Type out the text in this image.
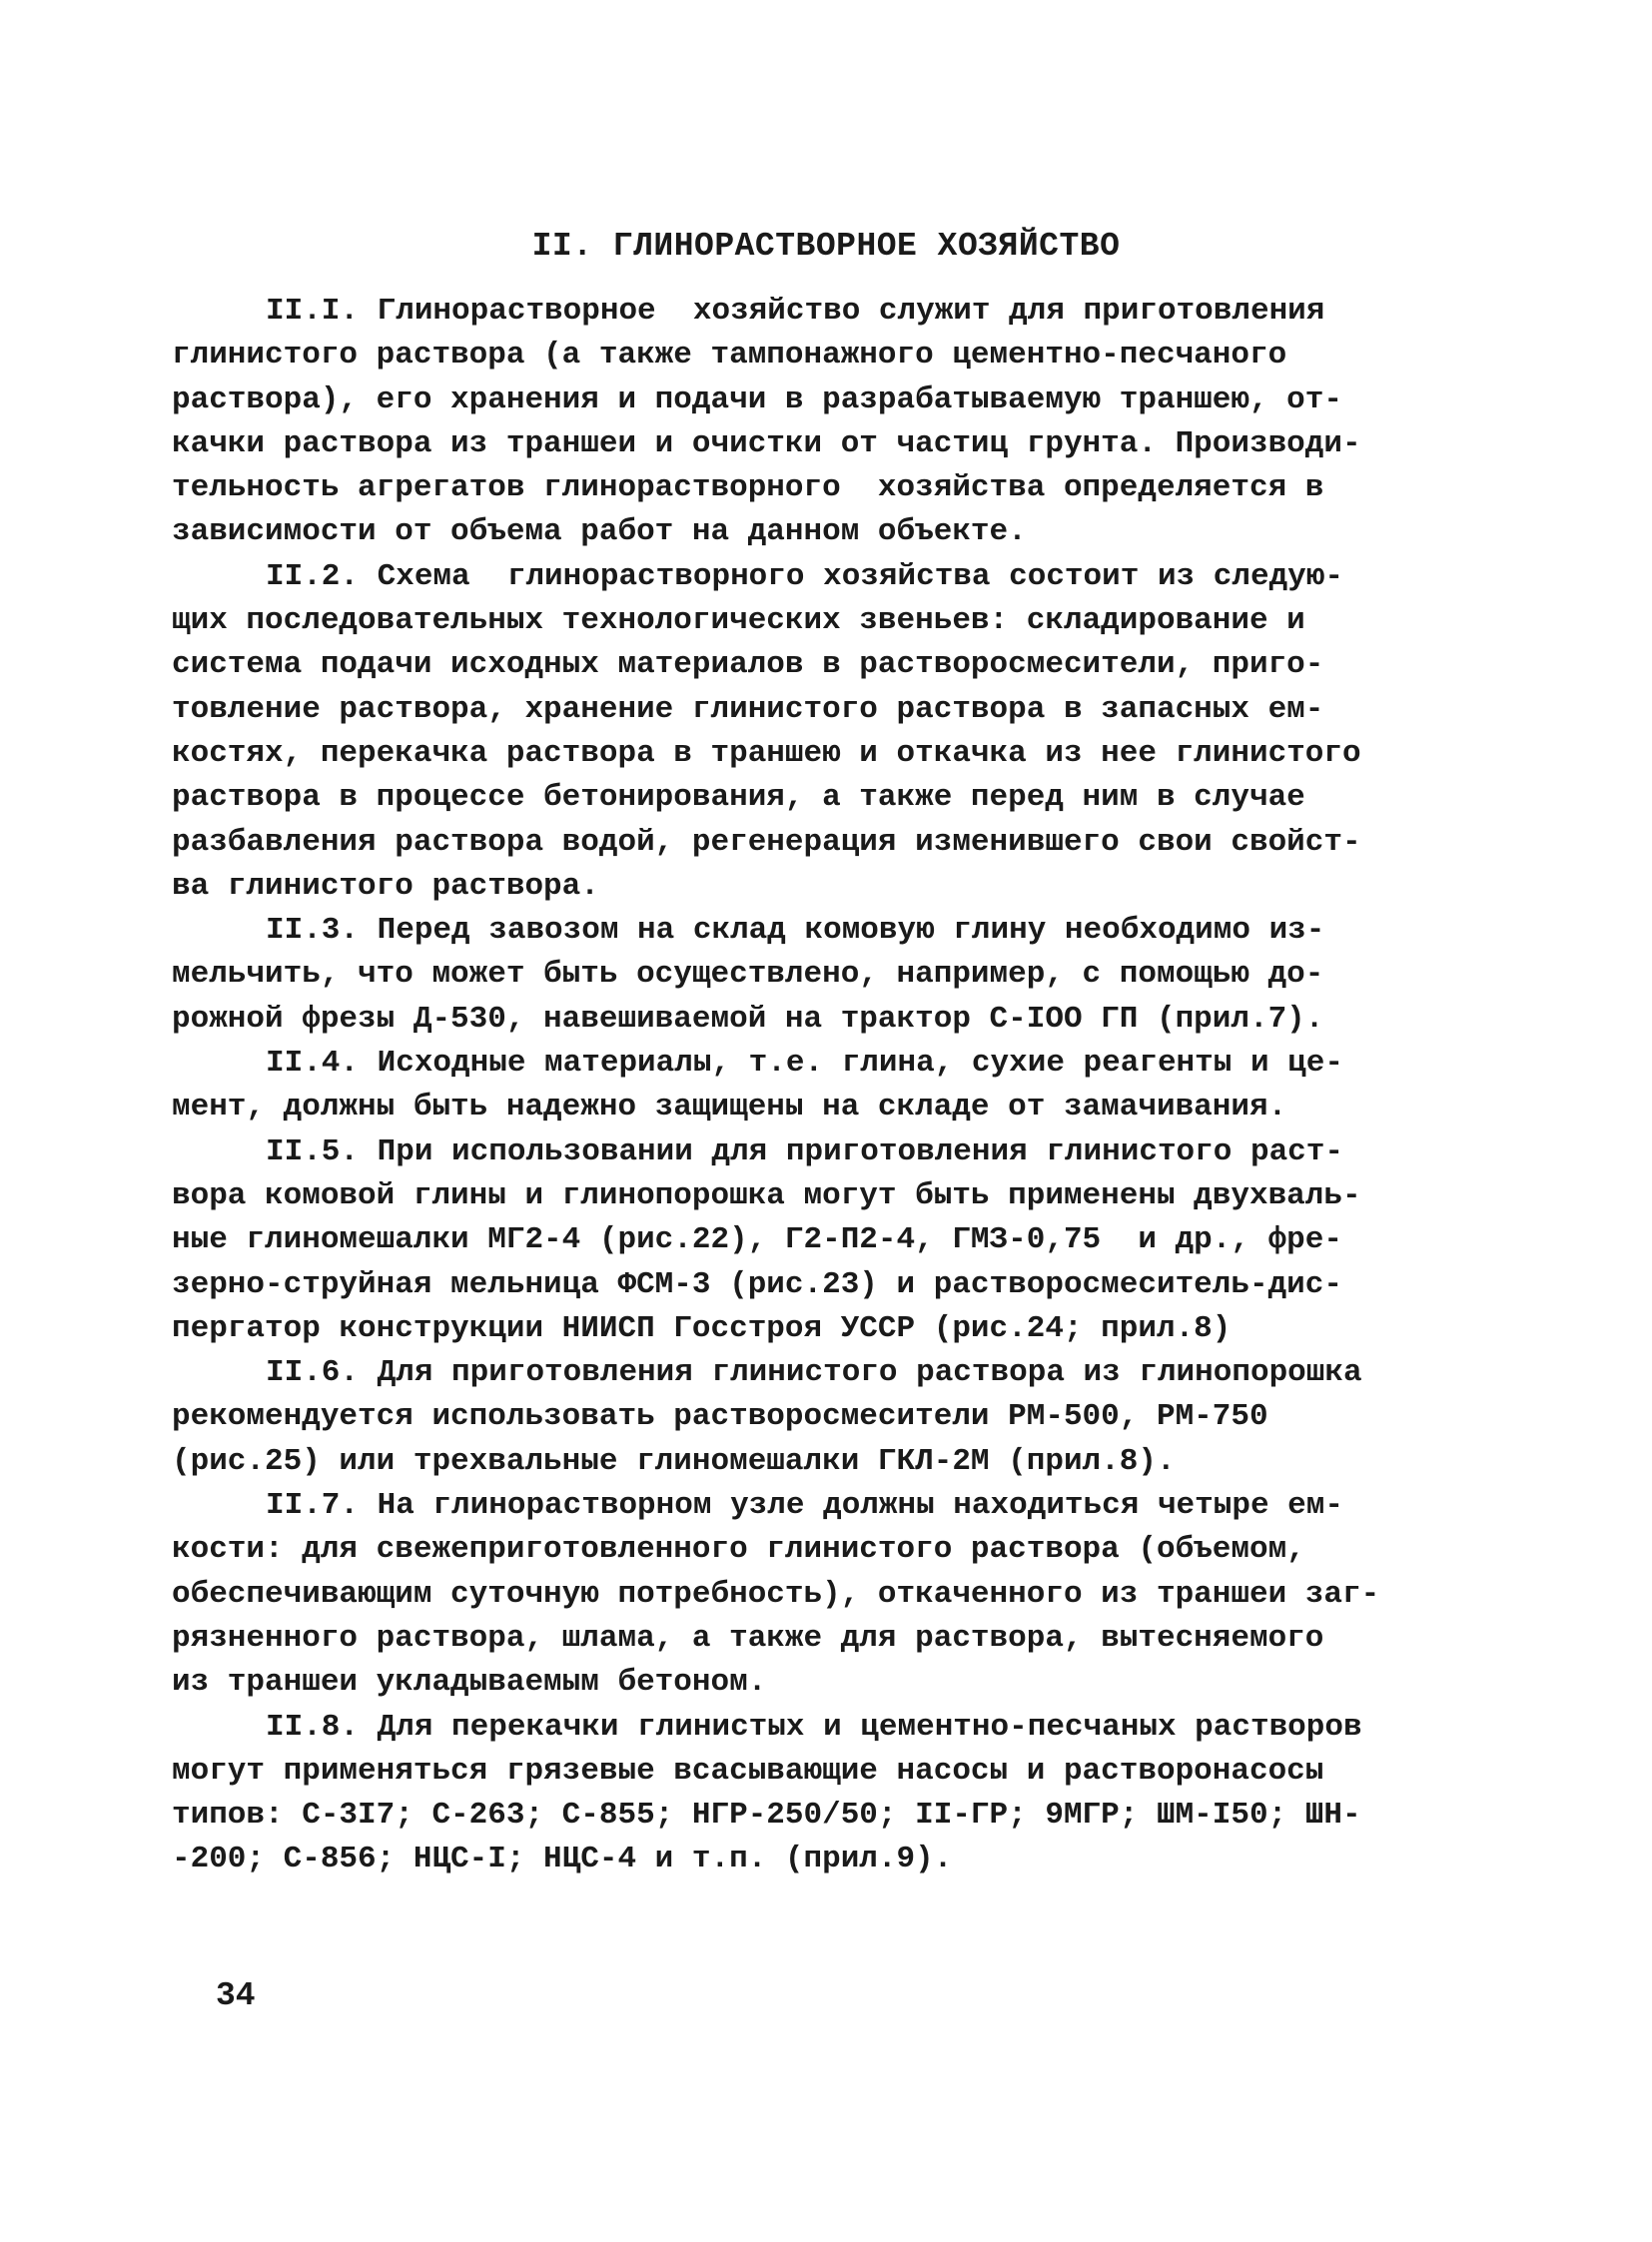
II. ГЛИНОРАСТВОРНОЕ ХОЗЯЙСТВО

II.I. Глинорастворное  хозяйство служит для приготовления
глинистого раствора (а также тампонажного цементно-песчаного
раствора), его хранения и подачи в разрабатываемую траншею, от-
качки раствора из траншеи и очистки от частиц грунта. Производи-
тельность агрегатов глинорастворного  хозяйства определяется в
зависимости от объема работ на данном объекте.

II.2. Схема  глинорастворного хозяйства состоит из следую-
щих последовательных технологических звеньев: складирование и
система подачи исходных материалов в растворосмесители, приго-
товление раствора, хранение глинистого раствора в запасных ем-
костях, перекачка раствора в траншею и откачка из нее глинистого
раствора в процессе бетонирования, а также перед ним в случае
разбавления раствора водой, регенерация изменившего свои свойст-
ва глинистого раствора.

II.3. Перед завозом на склад комовую глину необходимо из-
мельчить, что может быть осуществлено, например, с помощью до-
рожной фрезы Д-530, навешиваемой на трактор С-IOO ГП (прил.7).

II.4. Исходные материалы, т.е. глина, сухие реагенты и це-
мент, должны быть надежно защищены на складе от замачивания.

II.5. При использовании для приготовления глинистого раст-
вора комовой глины и глинопорошка могут быть применены двухваль-
ные глиномешалки МГ2-4 (рис.22), Г2-П2-4, ГМЗ-0,75  и др., фре-
зерно-струйная мельница ФСМ-3 (рис.23) и растворосмеситель-дис-
пергатор конструкции НИИСП Госстроя УССР (рис.24; прил.8)

II.6. Для приготовления глинистого раствора из глинопорошка
рекомендуется использовать растворосмесители РМ-500, РМ-750
(рис.25) или трехвальные глиномешалки ГКЛ-2М (прил.8).

II.7. На глинорастворном узле должны находиться четыре ем-
кости: для свежеприготовленного глинистого раствора (объемом,
обеспечивающим суточную потребность), откаченного из траншеи заг-
рязненного раствора, шлама, а также для раствора, вытесняемого
из траншеи укладываемым бетоном.

II.8. Для перекачки глинистых и цементно-песчаных растворов
могут применяться грязевые всасывающие насосы и растворонасосы
типов: С-3I7; С-263; С-855; НГР-250/50; II-ГР; 9МГР; ШМ-I50; ШН-
-200; С-856; НЦС-I; НЦС-4 и т.п. (прил.9).

34
